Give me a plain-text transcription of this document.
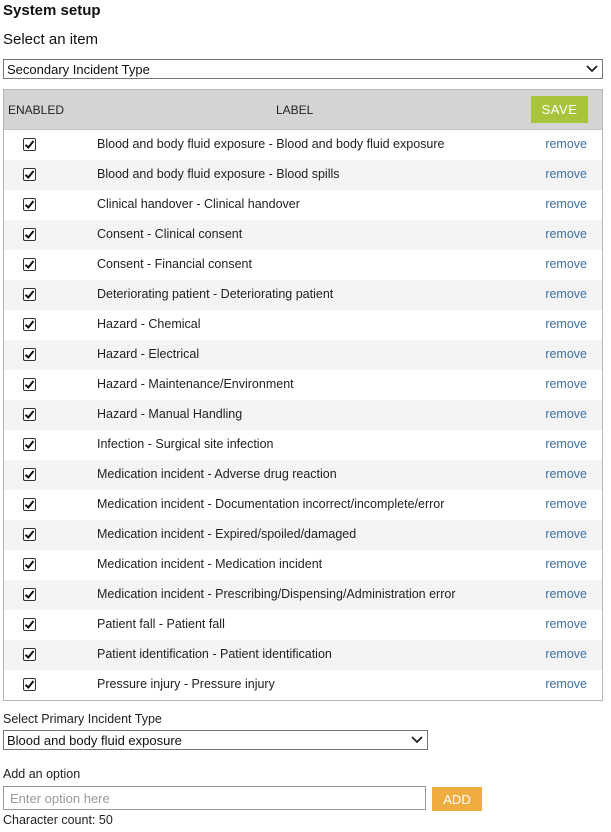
System setup
Select an item
Secondary Incident Type
ENABLED	LABEL	SAVE
Blood and body fluid exposure - Blood and body fluid exposure	remove
Blood and body fluid exposure - Blood spills	remove
Clinical handover - Clinical handover	remove
Consent - Clinical consent	remove
Consent - Financial consent	remove
Deteriorating patient - Deteriorating patient	remove
Hazard - Chemical	remove
Hazard - Electrical	remove
Hazard - Maintenance/Environment	remove
Hazard - Manual Handling	remove
Infection - Surgical site infection	remove
Medication incident - Adverse drug reaction	remove
Medication incident - Documentation incorrect/incomplete/error	remove
Medication incident - Expired/spoiled/damaged	remove
Medication incident - Medication incident	remove
Medication incident - Prescribing/Dispensing/Administration error	remove
Patient fall - Patient fall	remove
Patient identification - Patient identification	remove
Pressure injury - Pressure injury	remove
Select Primary Incident Type
Blood and body fluid exposure
Add an option
Enter option here
ADD
Character count: 50
